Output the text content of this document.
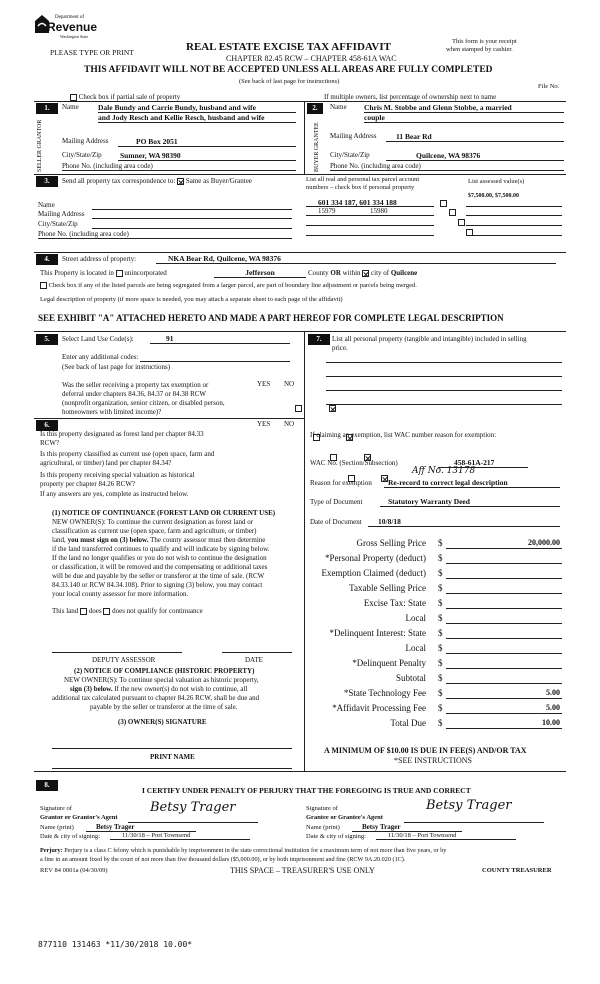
Department of
Revenue
Washington State
PLEASE TYPE OR PRINT	REAL ESTATE EXCISE TAX AFFIDAVIT
CHAPTER 82.45 RCW – CHAPTER 458-61A WAC
This form is your receipt
when stamped by cashier.
THIS AFFIDAVIT WILL NOT BE ACCEPTED UNLESS ALL AREAS ARE FULLY COMPLETED
(See back of last page for instructions)
File No.
Check box if partial sale of property	If multiple owners, list percentage of ownership next to name
1.
SELLER GRANTOR
Name	Dale Bundy and Carrie Bundy, husband and wife
and Jody Resch and Kellie Resch, husband and wife
Mailing Address	PO Box 2051
City/State/Zip Sumner, WA 98390
Phone No. (including area code)
2.
BUYER GRANTEE
Name Chris M. Stobbe and Glenn Stobbe, a married
couple
Mailing Address	11 Bear Rd
City/State/Zip	Quilcene, WA 98376
Phone No. (including area code)
3.	Send all property tax correspondence to: Same as Buyer/Grantee	List all real and personal tax parcel account
numbers – check box if personal property
List assessed value(s)
$7,500.00, $7,500.00
Name
Mailing Address
City/State/Zip
Phone No. (including area code)
601 334 187, 601 334 188
15979	15980

4.	Street address of property:	NKA Bear Rd, Quilcene, WA 98376
This Property is located in unincorporated	Jefferson	County OR within city of Quilcene
Check box if any of the listed parcels are being segregated from a larger parcel, are part of boundary line adjustment or parcels being merged.
Legal description of property (if more space is needed, you may attach a separate sheet to each page of the affidavit)
SEE EXHIBIT "A" ATTACHED HERETO AND MADE A PART HEREOF FOR COMPLETE LEGAL DESCRIPTION
5.	Select Land Use Code(s):	91
Enter any additional codes:
(See back of last page for instructions)
YES NO
Was the seller receiving a property tax exemption or
deferral under chapters 84.36, 84.37 or 84.38 RCW
(nonprofit organization, senior citizen, or disabled person,
homeowners with limited income)?

6.	YES NO
Is this property designated as forest land per chapter 84.33
RCW?

Is this property classified as current use (open space, farm and
agricultural, or timber) land per chapter 84.34?

Is this property receiving special valuation as historical
property per chapter 84.26 RCW?

If any answers are yes, complete as instructed below.
(1) NOTICE OF CONTINUANCE (FOREST LAND OR CURRENT USE)
NEW OWNER(S): To continue the current designation as forest land or
classification as current use (open space, farm and agriculture, or timber)
land, you must sign on (3) below. The county assessor must then determine
if the land transferred continues to qualify and will indicate by signing below.
If the land no longer qualifies or you do not wish to continue the designation
or classification, it will be removed and the compensating or additional taxes
will be due and payable by the seller or transferor at the time of sale. (RCW
84.33.140 or RCW 84.34.108). Prior to signing (3) below, you may contact
your local county assessor for more information.
This land does does not qualify for continuance
DEPUTY ASSESSOR	DATE
(2) NOTICE OF COMPLIANCE (HISTORIC PROPERTY)
NEW OWNER(S): To continue special valuation as historic property,
sign (3) below. If the new owner(s) do not wish to continue, all
additional tax calculated pursuant to chapter 84.26 RCW, shall be due and
payable by the seller or transferor at the time of sale.
(3) OWNER(S) SIGNATURE
PRINT NAME
7.	List all personal property (tangible and intangible) included in selling
price.
If claiming an exemption, list WAC number reason for exemption:
WAC No. (Section/Subsection)	458-61A-217
Aff No. 13178
Reason for exemption	Re-record to correct legal description
Type of Document	Statutory Warranty Deed
Date of Document	10/8/18
Gross Selling Price $	20,000.00
*Personal Property (deduct) $
Exemption Claimed (deduct) $
Taxable Selling Price $
Excise Tax: State $
Local $
*Delinquent Interest: State $
Local $
*Delinquent Penalty $
Subtotal $
*State Technology Fee $	5.00
*Affidavit Processing Fee $	5.00
Total Due $	10.00
A MINIMUM OF $10.00 IS DUE IN FEE(S) AND/OR TAX
*SEE INSTRUCTIONS
8.
I CERTIFY UNDER PENALTY OF PERJURY THAT THE FOREGOING IS TRUE AND CORRECT
Signature of
Grantor or Grantor's Agent
Betsy Trager
Name (print)	Betsy Trager
Date & city of signing:	11/30/18 – Port Townsend
Signature of
Grantee or Grantee's Agent
Betsy Trager
Name (print)	Betsy Trager
Date & city of signing:	11/30/18 – Port Townsend
Perjury: Perjury is a class C felony which is punishable by imprisonment in the state correctional institution for a maximum term of not more than five years, or by
a fine in an amount fixed by the court of not more than five thousand dollars ($5,000.00), or by both imprisonment and fine (RCW 9A.20.020 (1C).
REV 84 0001a (04/30/09)	THIS SPACE – TREASURER'S USE ONLY	COUNTY TREASURER
877110 131463 *11/30/2018 10.00*
